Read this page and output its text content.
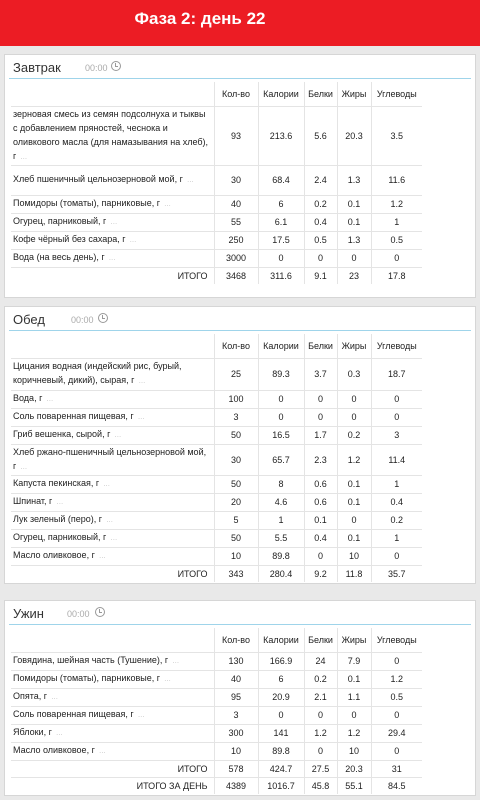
Фаза 2: день 22
Завтрак	00:00
	Кол-во	Калории	Белки	Жиры	Углеводы
зерновая смесь из семян подсолнуха и тыквы с добавлением пряностей, чеснока и оливкового масла (для намазывания на хлеб), г …	93	213.6	5.6	20.3	3.5
Хлеб пшеничный цельнозерновой мой, г …	30	68.4	2.4	1.3	11.6
Помидоры (томаты), парниковые, г …	40	6	0.2	0.1	1.2
Огурец, парниковый, г …	55	6.1	0.4	0.1	1
Кофе чёрный без сахара, г …	250	17.5	0.5	1.3	0.5
Вода (на весь день), г …	3000	0	0	0	0
ИТОГО	3468	311.6	9.1	23	17.8
Обед	00:00
	Кол-во	Калории	Белки	Жиры	Углеводы
Цицания водная (индейский рис, бурый, коричневый, дикий), сырая, г …	25	89.3	3.7	0.3	18.7
Вода, г …	100	0	0	0	0
Соль поваренная пищевая, г …	3	0	0	0	0
Гриб вешенка, сырой, г …	50	16.5	1.7	0.2	3
Хлеб ржано-пшеничный цельнозерновой мой, г …	30	65.7	2.3	1.2	11.4
Капуста пекинская, г …	50	8	0.6	0.1	1
Шпинат, г …	20	4.6	0.6	0.1	0.4
Лук зеленый (перо), г …	5	1	0.1	0	0.2
Огурец, парниковый, г …	50	5.5	0.4	0.1	1
Масло оливковое, г …	10	89.8	0	10	0
ИТОГО	343	280.4	9.2	11.8	35.7
Ужин	00:00
	Кол-во	Калории	Белки	Жиры	Углеводы
Говядина, шейная часть (Тушение), г …	130	166.9	24	7.9	0
Помидоры (томаты), парниковые, г …	40	6	0.2	0.1	1.2
Опята, г …	95	20.9	2.1	1.1	0.5
Соль поваренная пищевая, г …	3	0	0	0	0
Яблоки, г …	300	141	1.2	1.2	29.4
Масло оливковое, г …	10	89.8	0	10	0
ИТОГО	578	424.7	27.5	20.3	31
ИТОГО ЗА ДЕНЬ	4389	1016.7	45.8	55.1	84.5
